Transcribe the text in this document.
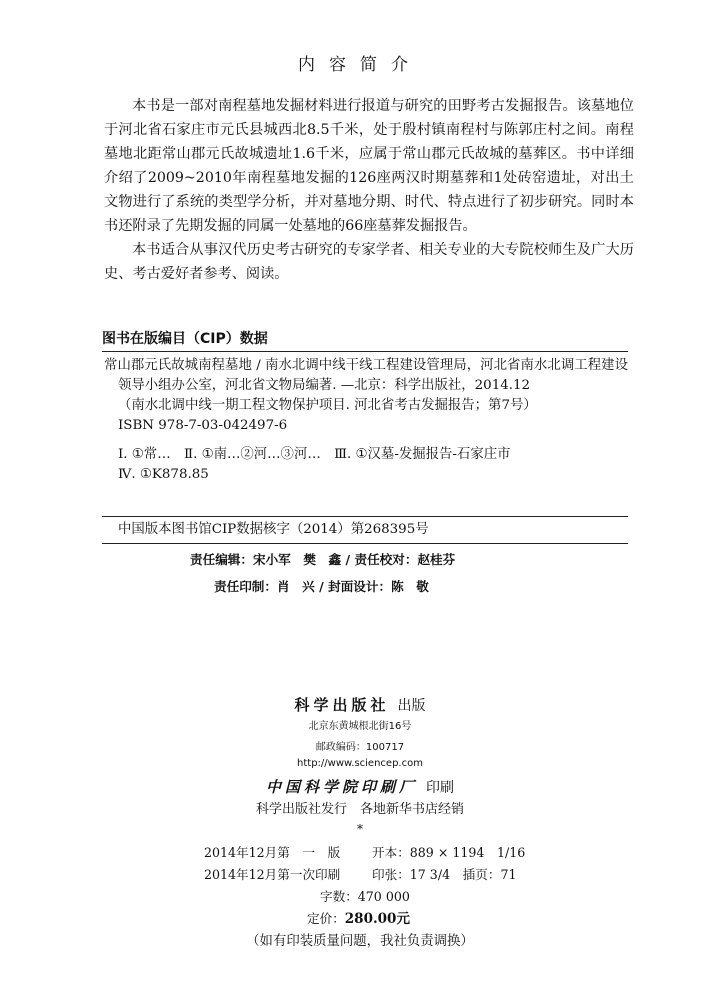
内容简介

本书是一部对南程墓地发掘材料进行报道与研究的田野考古发掘报告。该墓地位于河北省石家庄市元氏县城西北8.5千米，处于殷村镇南程村与陈郭庄村之间。南程墓地北距常山郡元氏故城遗址1.6千米，应属于常山郡元氏故城的墓葬区。书中详细介绍了2009~2010年南程墓地发掘的126座两汉时期墓葬和1处砖窑遗址，对出土文物进行了系统的类型学分析，并对墓地分期、时代、特点进行了初步研究。同时本书还附录了先期发掘的同属一处墓地的66座墓葬发掘报告。

本书适合从事汉代历史考古研究的专家学者、相关专业的大专院校师生及广大历史、考古爱好者参考、阅读。

图书在版编目（CIP）数据
常山郡元氏故城南程墓地 / 南水北调中线干线工程建设管理局，河北省南水北调工程建设领导小组办公室，河北省文物局编著. —北京：科学出版社，2014.12
（南水北调中线一期工程文物保护项目. 河北省考古发掘报告；第7号）
ISBN 978-7-03-042497-6
Ⅰ. ①常…　Ⅱ. ①南…②河…③河…　Ⅲ. ①汉墓-发掘报告-石家庄市
Ⅳ. ①K878.85
中国版本图书馆CIP数据核字（2014）第268395号
责任编辑：宋小军　樊　鑫 / 责任校对：赵桂芬
责任印制：肖　兴 / 封面设计：陈　敬
科学出版社 出版
北京东黄城根北街16号
邮政编码：100717
http://www.sciencep.com
中国科学院印刷厂 印刷
科学出版社发行　各地新华书店经销
*
2014年12月第　一　版	开本：889 × 1194　1/16
2014年12月第一次印刷	印张：17 3/4　插页：71
字数：470 000
定价：280.00元
（如有印装质量问题，我社负责调换）
